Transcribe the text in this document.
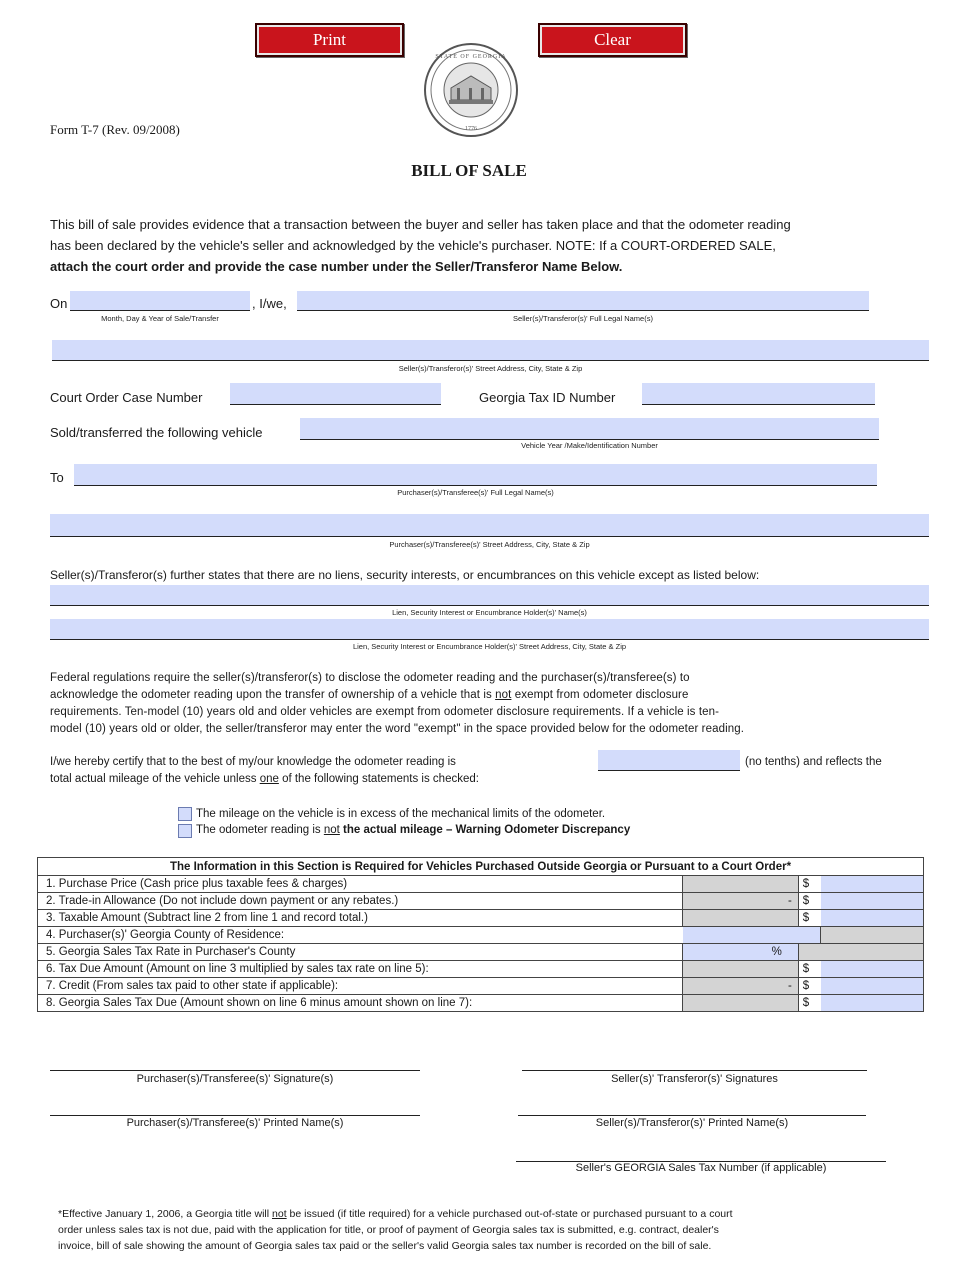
Print	Clear
STATE OF GEORGIA
1776
Form T-7 (Rev. 09/2008)
BILL OF SALE
This bill of sale provides evidence that a transaction between the buyer and seller has taken place and that the odometer reading
has been declared by the vehicle's seller and acknowledged by the vehicle's purchaser. NOTE: If a COURT-ORDERED SALE,
attach the court order and provide the case number under the Seller/Transferor Name Below.
On	, I/we,
Month, Day & Year of Sale/Transfer	Seller(s)/Transferor(s)' Full Legal Name(s)
Seller(s)/Transferor(s)' Street Address, City, State & Zip
Court Order Case Number	Georgia Tax ID Number
Sold/transferred the following vehicle
Vehicle Year /Make/Identification Number
To
Purchaser(s)/Transferee(s)' Full Legal Name(s)
Purchaser(s)/Transferee(s)' Street Address, City, State & Zip
Seller(s)/Transferor(s) further states that there are no liens, security interests, or encumbrances on this vehicle except as listed below:
Lien, Security Interest or Encumbrance Holder(s)' Name(s)
Lien, Security Interest or Encumbrance Holder(s)' Street Address, City, State & Zip
Federal regulations require the seller(s)/transferor(s) to disclose the odometer reading and the purchaser(s)/transferee(s) to
acknowledge the odometer reading upon the transfer of ownership of a vehicle that is not exempt from odometer disclosure
requirements. Ten-model (10) years old and older vehicles are exempt from odometer disclosure requirements. If a vehicle is ten-
model (10) years old or older, the seller/transferor may enter the word "exempt" in the space provided below for the odometer reading.
I/we hereby certify that to the best of my/our knowledge the odometer reading is	(no tenths) and reflects the
total actual mileage of the vehicle unless one of the following statements is checked:
The mileage on the vehicle is in excess of the mechanical limits of the odometer.
The odometer reading is not the actual mileage – Warning Odometer Discrepancy
The Information in this Section is Required for Vehicles Purchased Outside Georgia or Pursuant to a Court Order*			
1. Purchase Price (Cash price plus taxable fees & charges)		$	
2. Trade-in Allowance (Do not include down payment or any rebates.)	-	$	
3. Taxable Amount (Subtract line 2 from line 1 and record total.)		$	
4. Purchaser(s)' Georgia County of Residence:			
5. Georgia Sales Tax Rate in Purchaser's County	%		
6. Tax Due Amount (Amount on line 3 multiplied by sales tax rate on line 5):		$	
7. Credit (From sales tax paid to other state if applicable):	-	$	
8. Georgia Sales Tax Due (Amount shown on line 6 minus amount shown on line 7):		$	
Purchaser(s)/Transferee(s)' Signature(s)	Seller(s)' Transferor(s)' Signatures
Purchaser(s)/Transferee(s)' Printed Name(s)	Seller(s)/Transferor(s)' Printed Name(s)
Seller's GEORGIA Sales Tax Number (if applicable)
*Effective January 1, 2006, a Georgia title will not be issued (if title required) for a vehicle purchased out-of-state or purchased pursuant to a court
order unless sales tax is not due, paid with the application for title, or proof of payment of Georgia sales tax is submitted, e.g. contract, dealer's
invoice, bill of sale showing the amount of Georgia sales tax paid or the seller's valid Georgia sales tax number is recorded on the bill of sale.
